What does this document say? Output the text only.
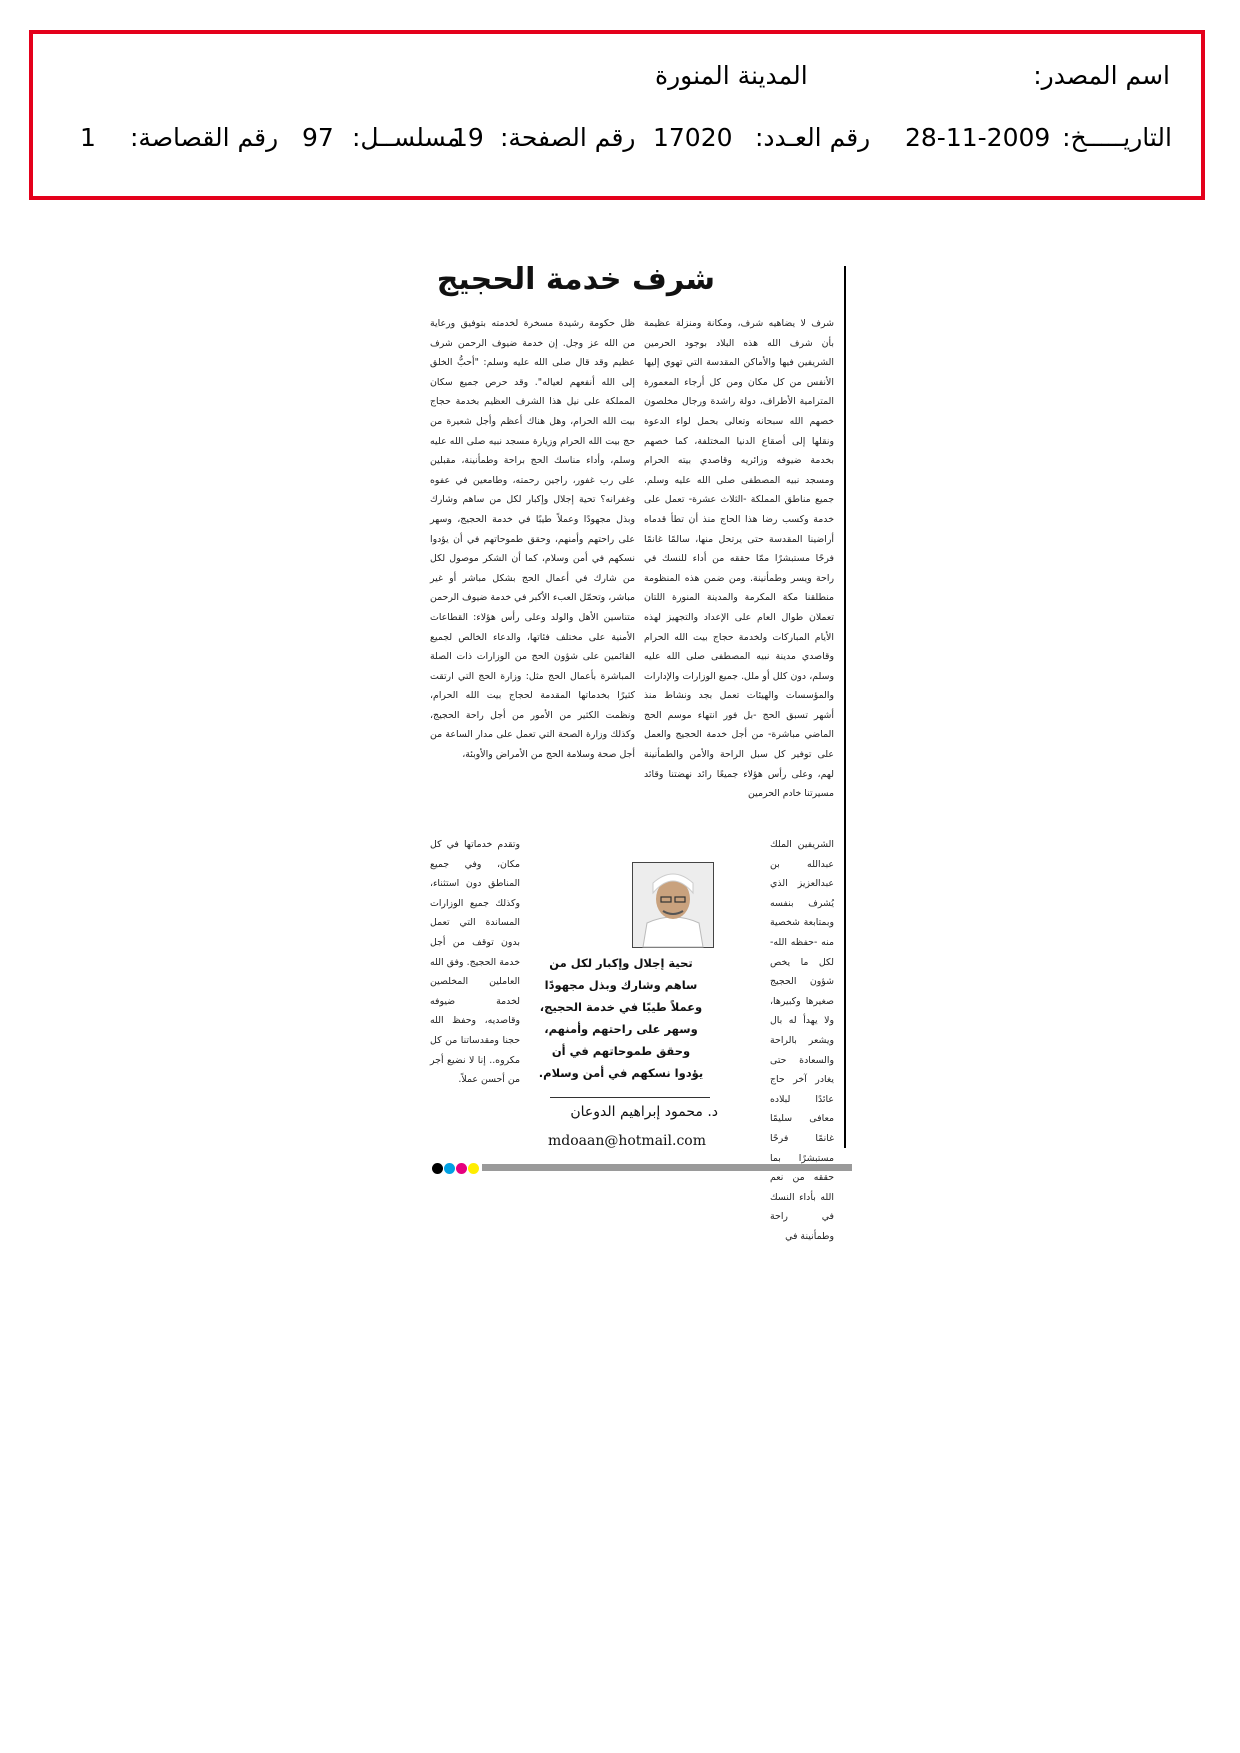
اسم المصدر:
المدينة المنورة
التاريـــــخ:
28-11-2009
رقم العـدد:
17020
رقم الصفحة:
19
مسلســل:
97
رقم القصاصة:
1
شرف خدمة الحجيج
شرف لا يضاهيه شرف، ومكانة ومنزلة عظيمة بأن شرف الله هذه البلاد بوجود الحرمين الشريفين فيها والأماكن المقدسة التي تهوي إليها الأنفس من كل مكان ومن كل أرجاء المعمورة المترامية الأطراف، دولة راشدة ورجال مخلصون خصهم الله سبحانه وتعالى بحمل لواء الدعوة ونقلها إلى أصقاع الدنيا المختلفة، كما خصهم بخدمة ضيوفه وزائريه وقاصدي بيته الحرام ومسجد نبيه المصطفى صلى الله عليه وسلم. جميع مناطق المملكة -الثلاث عشرة- تعمل على خدمة وكسب رضا هذا الحاج منذ أن تطأ قدماه أراضينا المقدسة حتى يرتحل منها، سالمًا غانمًا فرحًا مستبشرًا ممّا حققه من أداء للنسك في راحة ويسر وطمأنينة. ومن ضمن هذه المنظومة منطلقنا مكة المكرمة والمدينة المنورة اللتان تعملان طوال العام على الإعداد والتجهيز لهذه الأيام المباركات ولخدمة حجاج بيت الله الحرام وقاصدي مدينة نبيه المصطفى صلى الله عليه وسلم، دون كلل أو ملل. جميع الوزارات والإدارات والمؤسسات والهيئات تعمل بجد ونشاط منذ أشهر تسبق الحج -بل فور انتهاء موسم الحج الماضي مباشرة- من أجل خدمة الحجيج والعمل على توفير كل سبل الراحة والأمن والطمأنينة لهم، وعلى رأس هؤلاء جميعًا رائد نهضتنا وقائد مسيرتنا خادم الحرمين
الشريفين الملك عبدالله بن عبدالعزيز الذي يُشرف بنفسه وبمتابعة شخصية منه -حفظه الله- لكل ما يخص شؤون الحجيج صغيرها وكبيرها، ولا يهدأ له بال ويشعر بالراحة والسعادة حتى يغادر آخر حاج عائدًا لبلاده معافى سليمًا غانمًا فرحًا مستبشرًا بما حققه من نعم الله بأداء النسك في راحة وطمأنينة في
ظل حكومة رشيدة مسخرة لخدمته بتوفيق ورعاية من الله عز وجل. إن خدمة ضيوف الرحمن شرف عظيم وقد قال صلى الله عليه وسلم: "أحبُّ الخلق إلى الله أنفعهم لعياله". وقد حرص جميع سكان المملكة على نيل هذا الشرف العظيم بخدمة حجاج بيت الله الحرام، وهل هناك أعظم وأجل شعيرة من حج بيت الله الحرام وزيارة مسجد نبيه صلى الله عليه وسلم، وأداء مناسك الحج براحة وطمأنينة، مقبلين على رب غفور، راجين رحمته، وطامعين في عفوه وغفرانه؟ تحية إجلال وإكبار لكل من ساهم وشارك وبذل مجهودًا وعملاً طيبًا في خدمة الحجيج، وسهر على راحتهم وأمنهم، وحقق طموحاتهم في أن يؤدوا نسكهم في أمن وسلام، كما أن الشكر موصول لكل من شارك في أعمال الحج بشكل مباشر أو غير مباشر، وتحمّل العبء الأكبر في خدمة ضيوف الرحمن متناسين الأهل والولد وعلى رأس هؤلاء: القطاعات الأمنية على مختلف فئاتها، والدعاء الخالص لجميع القائمين على شؤون الحج من الوزارات ذات الصلة المباشرة بأعمال الحج مثل: وزارة الحج التي ارتقت كثيرًا بخدماتها المقدمة لحجاج بيت الله الحرام، ونظمت الكثير من الأمور من أجل راحة الحجيج، وكذلك وزارة الصحة التي تعمل على مدار الساعة من أجل صحة وسلامة الحج من الأمراض والأوبئة،
وتقدم خدماتها في كل مكان، وفي جميع المناطق دون استثناء، وكذلك جميع الوزارات المساندة التي تعمل بدون توقف من أجل خدمة الحجيج. وفق الله العاملين المخلصين لخدمة ضيوفه وقاصديه، وحفظ الله حجنا ومقدساتنا من كل مكروه.. إنا لا نضيع أجر من أحسن عملاً.
تحية إجلال وإكبار لكل من ساهم وشارك وبذل مجهودًا وعملاً طيبًا في خدمة الحجيج، وسهر على راحتهم وأمنهم، وحقق طموحاتهم في أن يؤدوا نسكهم في أمن وسلام.
د. محمود إبراهيم الدوعان
mdoaan@hotmail.com
